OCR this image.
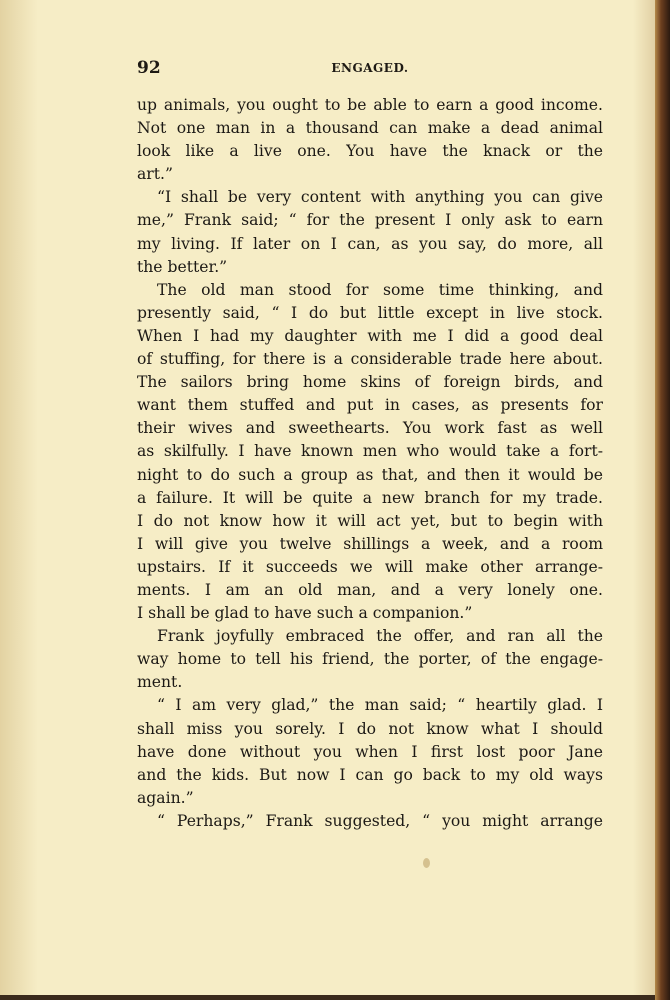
92	ENGAGED.
up animals, you ought to be able to earn a good income.
Not one man in a thousand can make a dead animal
look like a live one. You have the knack or the
art.”
“I shall be very content with anything you can give
me,” Frank said; “ for the present I only ask to earn
my living. If later on I can, as you say, do more, all
the better.”
The old man stood for some time thinking, and
presently said, “ I do but little except in live stock.
When I had my daughter with me I did a good deal
of stuffing, for there is a considerable trade here about.
The sailors bring home skins of foreign birds, and
want them stuffed and put in cases, as presents for
their wives and sweethearts. You work fast as well
as skilfully. I have known men who would take a fort-
night to do such a group as that, and then it would be
a failure. It will be quite a new branch for my trade.
I do not know how it will act yet, but to begin with
I will give you twelve shillings a week, and a room
upstairs. If it succeeds we will make other arrange-
ments. I am an old man, and a very lonely one.
I shall be glad to have such a companion.”
Frank joyfully embraced the offer, and ran all the
way home to tell his friend, the porter, of the engage-
ment.
“ I am very glad,” the man said; “ heartily glad. I
shall miss you sorely. I do not know what I should
have done without you when I first lost poor Jane
and the kids. But now I can go back to my old ways
again.”
“ Perhaps,” Frank suggested, “ you might arrange
